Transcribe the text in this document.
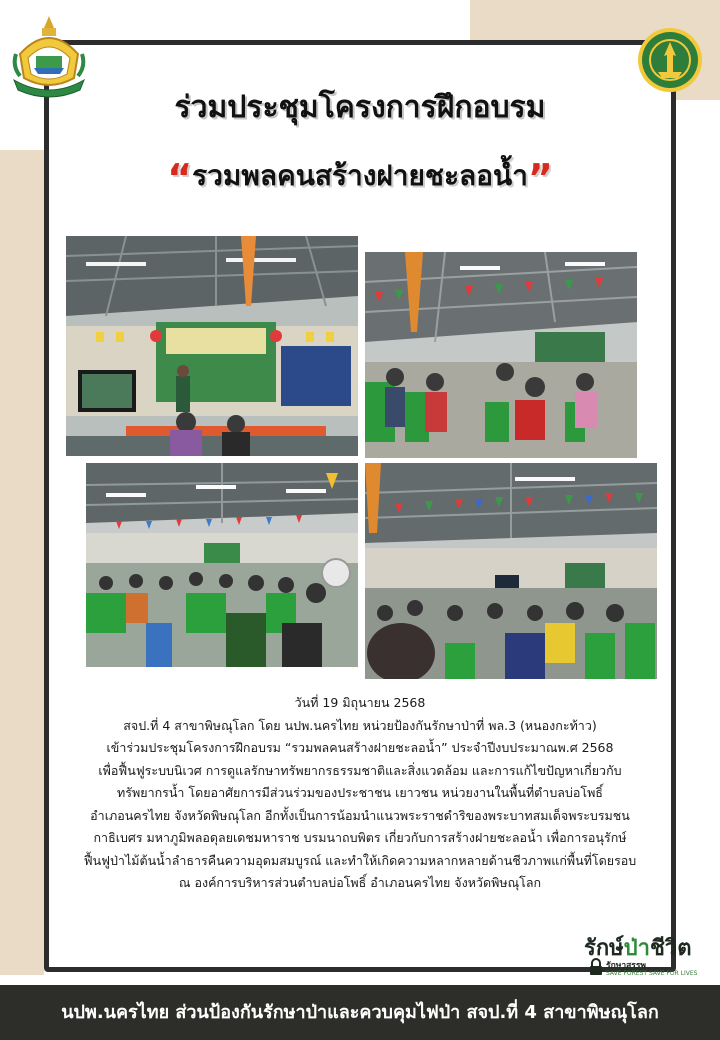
ร่วมประชุมโครงการฝึกอบรม
“รวมพลคนสร้างฝายชะลอน้ำ”

วันที่ 19 มิถุนายน 2568

สจป.ที่ 4 สาขาพิษณุโลก โดย นปพ.นครไทย หน่วยป้องกันรักษาป่าที่ พล.3 (หนองกะท้าว)

เข้าร่วมประชุมโครงการฝึกอบรม “รวมพลคนสร้างฝายชะลอน้ำ” ประจำปีงบประมาณพ.ศ 2568

เพื่อฟื้นฟูระบบนิเวศ การดูแลรักษาทรัพยากรธรรมชาติและสิ่งแวดล้อม และการแก้ไขปัญหาเกี่ยวกับ

ทรัพยากรน้ำ โดยอาศัยการมีส่วนร่วมของประชาชน เยาวชน หน่วยงานในพื้นที่ตำบลบ่อโพธิ์

อำเภอนครไทย จังหวัดพิษณุโลก อีกทั้งเป็นการน้อมนำแนวพระราชดำริของพระบาทสมเด็จพระบรมชน

กาธิเบศร มหาภูมิพลอดุลยเดชมหาราช บรมนาถบพิตร เกี่ยวกับการสร้างฝายชะลอน้ำ เพื่อการอนุรักษ์

ฟื้นฟูป่าไม้ต้นน้ำลำธารคืนความอุดมสมบูรณ์ และทำให้เกิดความหลากหลายด้านชีวภาพแก่พื้นที่โดยรอบ

ณ องค์การบริหารส่วนตำบลบ่อโพธิ์ อำเภอนครไทย จังหวัดพิษณุโลก

รักษ์ป่าชีวิต
รักษาสรรพ
SAVE FOREST SAVE FOR LIVES
นปพ.นครไทย ส่วนป้องกันรักษาป่าและควบคุมไฟป่า สจป.ที่ 4 สาขาพิษณุโลก
